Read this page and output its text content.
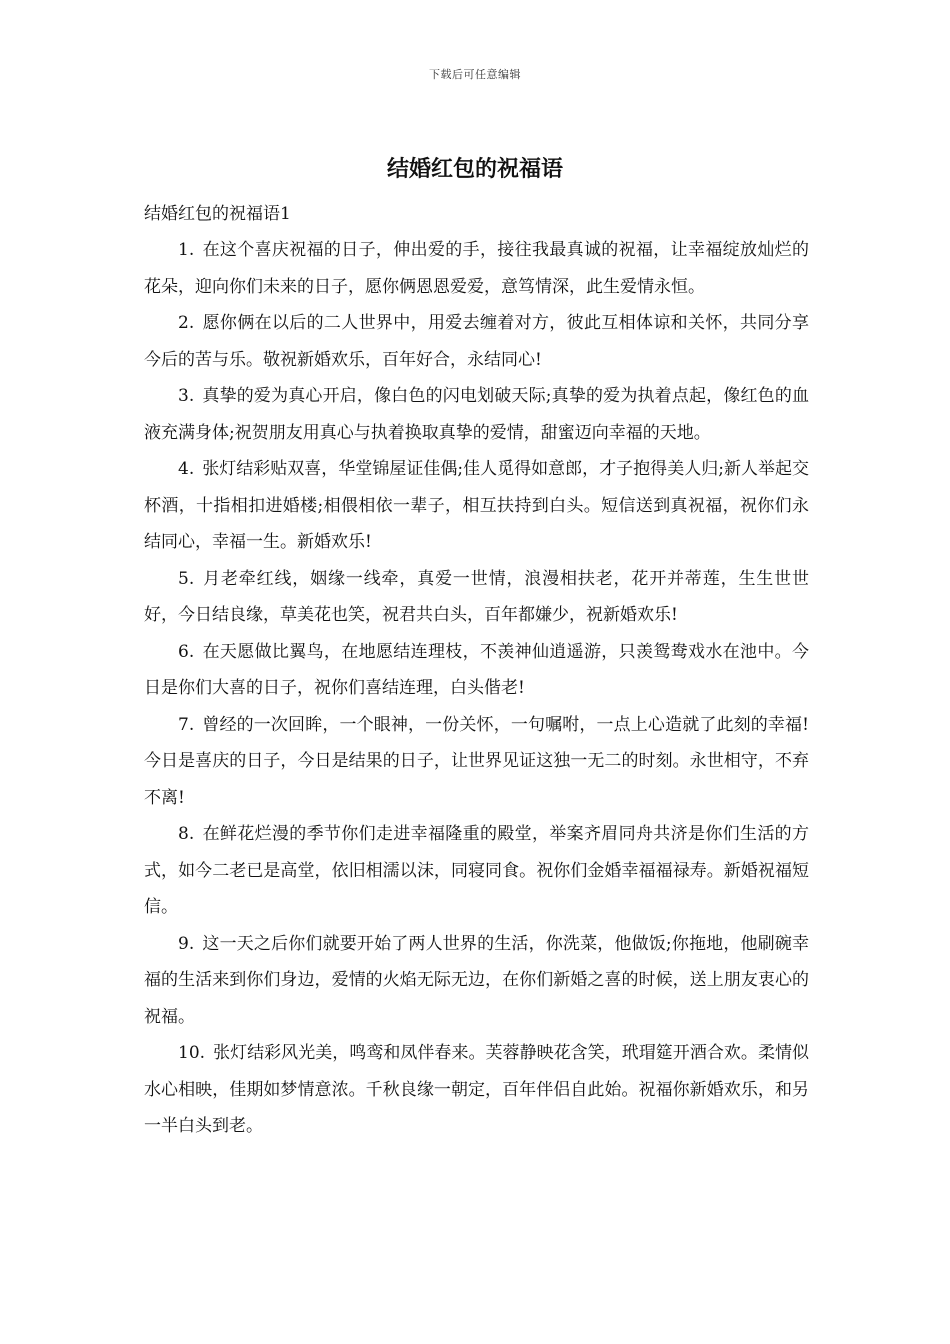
下载后可任意编辑
结婚红包的祝福语

结婚红包的祝福语1

1. 在这个喜庆祝福的日子，伸出爱的手，接往我最真诚的祝福，让幸福绽放灿烂的花朵，迎向你们未来的日子，愿你俩恩恩爱爱，意笃情深，此生爱情永恒。

2. 愿你俩在以后的二人世界中，用爱去缠着对方，彼此互相体谅和关怀，共同分享今后的苦与乐。敬祝新婚欢乐，百年好合，永结同心!

3. 真挚的爱为真心开启，像白色的闪电划破天际;真挚的爱为执着点起，像红色的血液充满身体;祝贺朋友用真心与执着换取真挚的爱情，甜蜜迈向幸福的天地。

4. 张灯结彩贴双喜，华堂锦屋证佳偶;佳人觅得如意郎，才子抱得美人归;新人举起交杯酒，十指相扣进婚楼;相偎相依一辈子，相互扶持到白头。短信送到真祝福，祝你们永结同心，幸福一生。新婚欢乐!

5. 月老牵红线，姻缘一线牵，真爱一世情，浪漫相扶老，花开并蒂莲，生生世世好，今日结良缘，草美花也笑，祝君共白头，百年都嫌少，祝新婚欢乐!

6. 在天愿做比翼鸟，在地愿结连理枝，不羡神仙逍遥游，只羡鸳鸯戏水在池中。今日是你们大喜的日子，祝你们喜结连理，白头偕老!

7. 曾经的一次回眸，一个眼神，一份关怀，一句嘱咐，一点上心造就了此刻的幸福!今日是喜庆的日子，今日是结果的日子，让世界见证这独一无二的时刻。永世相守，不弃不离!

8. 在鲜花烂漫的季节你们走进幸福隆重的殿堂，举案齐眉同舟共济是你们生活的方式，如今二老已是高堂，依旧相濡以沫，同寝同食。祝你们金婚幸福福禄寿。新婚祝福短信。

9. 这一天之后你们就要开始了两人世界的生活，你洗菜，他做饭;你拖地，他刷碗幸福的生活来到你们身边，爱情的火焰无际无边，在你们新婚之喜的时候，送上朋友衷心的祝福。

10. 张灯结彩风光美，鸣鸾和凤伴春来。芙蓉静映花含笑，玳瑁筵开酒合欢。柔情似水心相映，佳期如梦情意浓。千秋良缘一朝定，百年伴侣自此始。祝福你新婚欢乐，和另一半白头到老。
